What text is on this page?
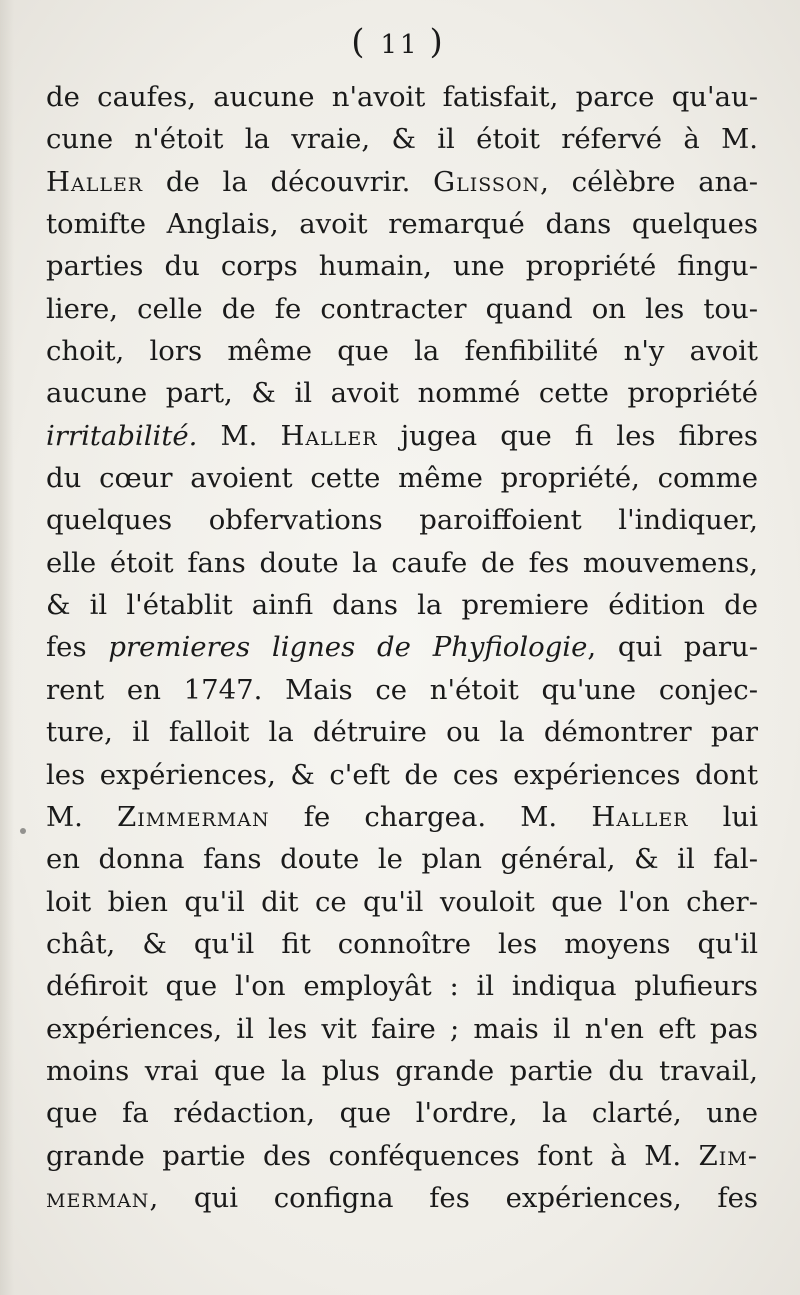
( 11 )
de caufes, aucune n'avoit fatisfait, parce qu'au-
cune n'étoit la vraie, & il étoit réfervé à M.
Haller de la découvrir. Glisson, célèbre ana-
tomifte Anglais, avoit remarqué dans quelques
parties du corps humain, une propriété fingu-
liere, celle de fe contracter quand on les tou-
choit, lors même que la fenfibilité n'y avoit
aucune part, & il avoit nommé cette propriété
irritabilité. M. Haller jugea que fi les fibres
du cœur avoient cette même propriété, comme
quelques obfervations paroiffoient l'indiquer,
elle étoit fans doute la caufe de fes mouvemens,
& il l'établit ainfi dans la premiere édition de
fes premieres lignes de Phyfiologie, qui paru-
rent en 1747. Mais ce n'étoit qu'une conjec-
ture, il falloit la détruire ou la démontrer par
les expériences, & c'eft de ces expériences dont
M. Zimmerman fe chargea. M. Haller lui
en donna fans doute le plan général, & il fal-
loit bien qu'il dit ce qu'il vouloit que l'on cher-
chât, & qu'il fit connoître les moyens qu'il
défiroit que l'on employât : il indiqua plufieurs
expériences, il les vit faire ; mais il n'en eft pas
moins vrai que la plus grande partie du travail,
que fa rédaction, que l'ordre, la clarté, une
grande partie des conféquences font à M. Zim-
merman, qui configna fes expériences, fes
